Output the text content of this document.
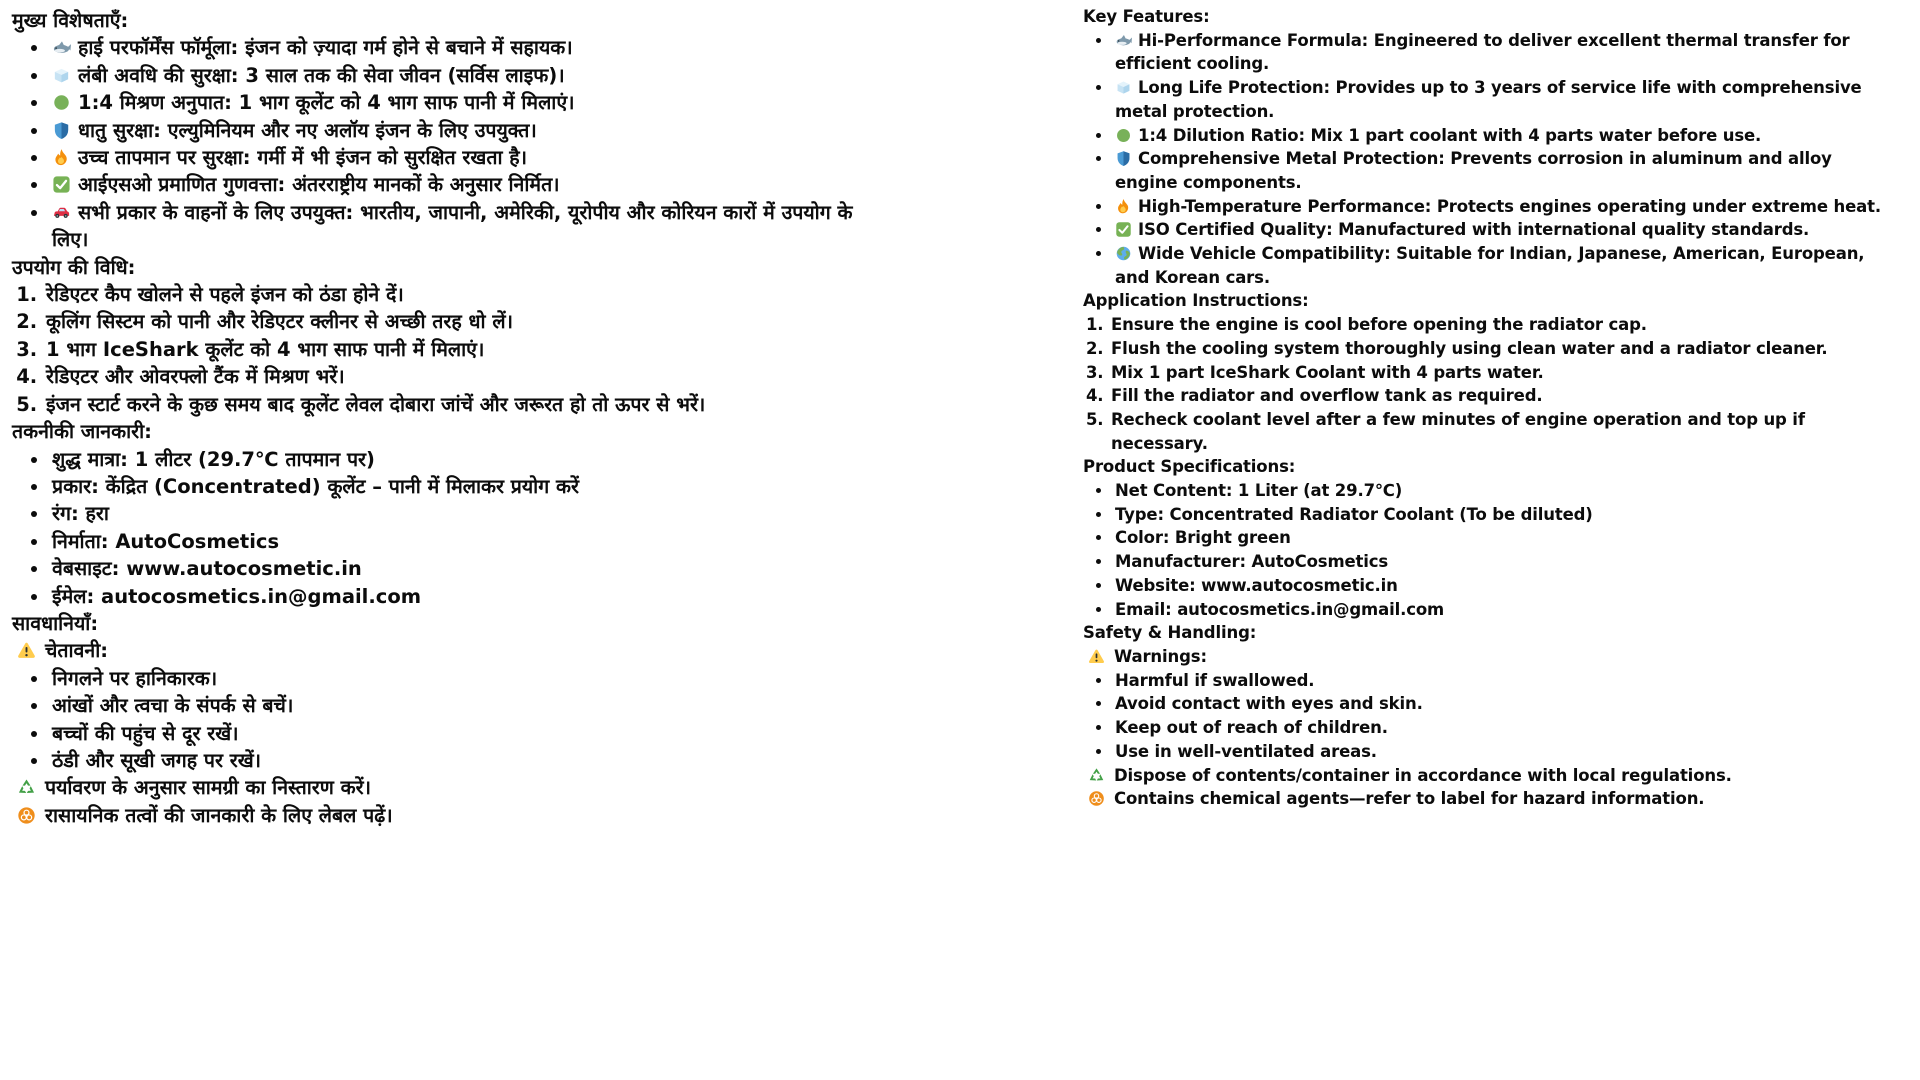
मुख्य विशेषताएँ:
• हाई परफॉर्मेंस फॉर्मूला: इंजन को ज़्यादा गर्म होने से बचाने में सहायक।
• लंबी अवधि की सुरक्षा: 3 साल तक की सेवा जीवन (सर्विस लाइफ)।
• 1:4 मिश्रण अनुपात: 1 भाग कूलेंट को 4 भाग साफ पानी में मिलाएं।
• धातु सुरक्षा: एल्युमिनियम और नए अलॉय इंजन के लिए उपयुक्त।
• उच्च तापमान पर सुरक्षा: गर्मी में भी इंजन को सुरक्षित रखता है।
• आईएसओ प्रमाणित गुणवत्ता: अंतरराष्ट्रीय मानकों के अनुसार निर्मित।
• सभी प्रकार के वाहनों के लिए उपयुक्त: भारतीय, जापानी, अमेरिकी, यूरोपीय और कोरियन कारों में उपयोग के लिए।
उपयोग की विधि:
1. रेडिएटर कैप खोलने से पहले इंजन को ठंडा होने दें।
2. कूलिंग सिस्टम को पानी और रेडिएटर क्लीनर से अच्छी तरह धो लें।
3. 1 भाग IceShark कूलेंट को 4 भाग साफ पानी में मिलाएं।
4. रेडिएटर और ओवरफ्लो टैंक में मिश्रण भरें।
5. इंजन स्टार्ट करने के कुछ समय बाद कूलेंट लेवल दोबारा जांचें और जरूरत हो तो ऊपर से भरें।
तकनीकी जानकारी:
• शुद्ध मात्रा: 1 लीटर (29.7℃ तापमान पर)
• प्रकार: केंद्रित (Concentrated) कूलेंट – पानी में मिलाकर प्रयोग करें
• रंग: हरा
• निर्माता: AutoCosmetics
• वेबसाइट: www.autocosmetic.in
• ईमेल: autocosmetics.in@gmail.com
सावधानियाँ:
चेतावनी:
• निगलने पर हानिकारक।
• आंखों और त्वचा के संपर्क से बचें।
• बच्चों की पहुंच से दूर रखें।
• ठंडी और सूखी जगह पर रखें।
पर्यावरण के अनुसार सामग्री का निस्तारण करें।
रासायनिक तत्वों की जानकारी के लिए लेबल पढ़ें।
Key Features:
• Hi-Performance Formula: Engineered to deliver excellent thermal transfer for efficient cooling.
• Long Life Protection: Provides up to 3 years of service life with comprehensive metal protection.
• 1:4 Dilution Ratio: Mix 1 part coolant with 4 parts water before use.
• Comprehensive Metal Protection: Prevents corrosion in aluminum and alloy engine components.
• High-Temperature Performance: Protects engines operating under extreme heat.
• ISO Certified Quality: Manufactured with international quality standards.
• Wide Vehicle Compatibility: Suitable for Indian, Japanese, American, European, and Korean cars.
Application Instructions:
1. Ensure the engine is cool before opening the radiator cap.
2. Flush the cooling system thoroughly using clean water and a radiator cleaner.
3. Mix 1 part IceShark Coolant with 4 parts water.
4. Fill the radiator and overflow tank as required.
5. Recheck coolant level after a few minutes of engine operation and top up if necessary.
Product Specifications:
• Net Content: 1 Liter (at 29.7℃)
• Type: Concentrated Radiator Coolant (To be diluted)
• Color: Bright green
• Manufacturer: AutoCosmetics
• Website: www.autocosmetic.in
• Email: autocosmetics.in@gmail.com
Safety & Handling:
Warnings:
• Harmful if swallowed.
• Avoid contact with eyes and skin.
• Keep out of reach of children.
• Use in well-ventilated areas.
Dispose of contents/container in accordance with local regulations.
Contains chemical agents—refer to label for hazard information.
